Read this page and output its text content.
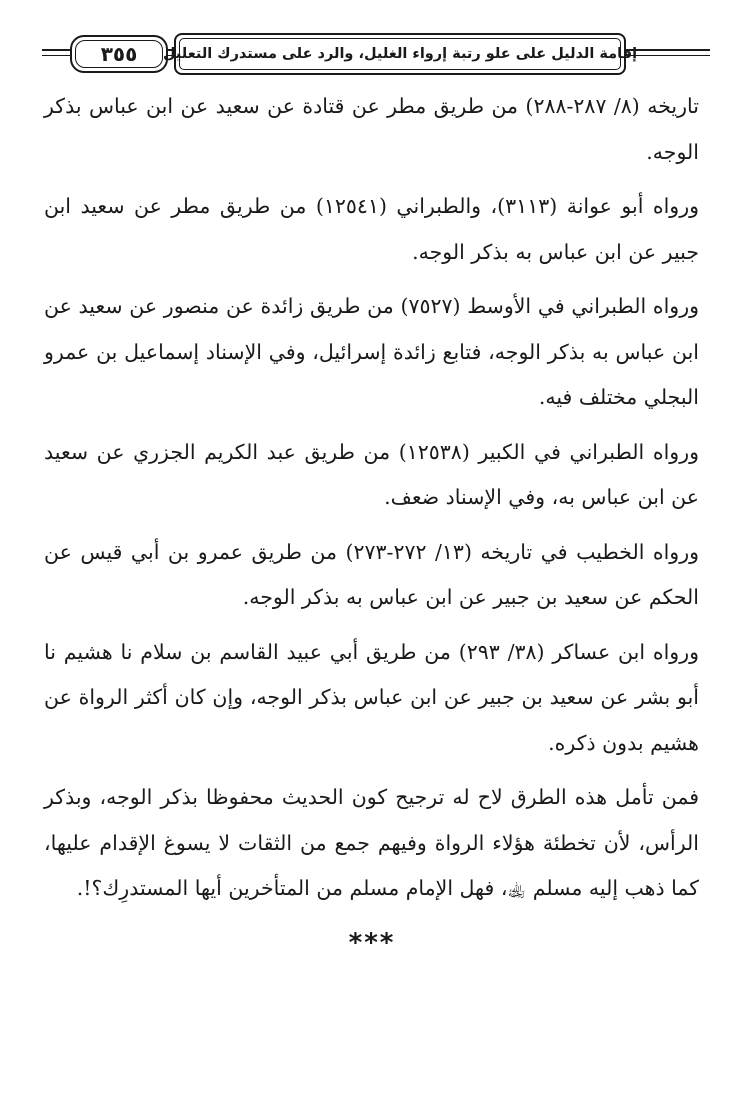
٣٥٥ إقامة الدليل على علو رتبة إرواء الغليل، والرد على مستدرك التعليل

تاريخه (٨/ ٢٨٧-٢٨٨) من طريق مطر عن قتادة عن سعيد عن ابن عباس بذكر الوجه.

ورواه أبو عوانة (٣١١٣)، والطبراني (١٢٥٤١) من طريق مطر عن سعيد ابن جبير عن ابن عباس به بذكر الوجه.

ورواه الطبراني في الأوسط (٧٥٢٧) من طريق زائدة عن منصور عن سعيد عن ابن عباس به بذكر الوجه، فتابع زائدة إسرائيل، وفي الإسناد إسماعيل بن عمرو البجلي مختلف فيه.

ورواه الطبراني في الكبير (١٢٥٣٨) من طريق عبد الكريم الجزري عن سعيد عن ابن عباس به، وفي الإسناد ضعف.

ورواه الخطيب في تاريخه (١٣/ ٢٧٢-٢٧٣) من طريق عمرو بن أبي قيس عن الحكم عن سعيد بن جبير عن ابن عباس به بذكر الوجه.

ورواه ابن عساكر (٣٨/ ٢٩٣) من طريق أبي عبيد القاسم بن سلام نا هشيم نا أبو بشر عن سعيد بن جبير عن ابن عباس بذكر الوجه، وإن كان أكثر الرواة عن هشيم بدون ذكره.

فمن تأمل هذه الطرق لاح له ترجيح كون الحديث محفوظا بذكر الوجه، وبذكر الرأس، لأن تخطئة هؤلاء الرواة وفيهم جمع من الثقات لا يسوغ الإقدام عليها، كما ذهب إليه مسلم ﵀، فهل الإمام مسلم من المتأخرين أيها المستدرِك؟!.

***
